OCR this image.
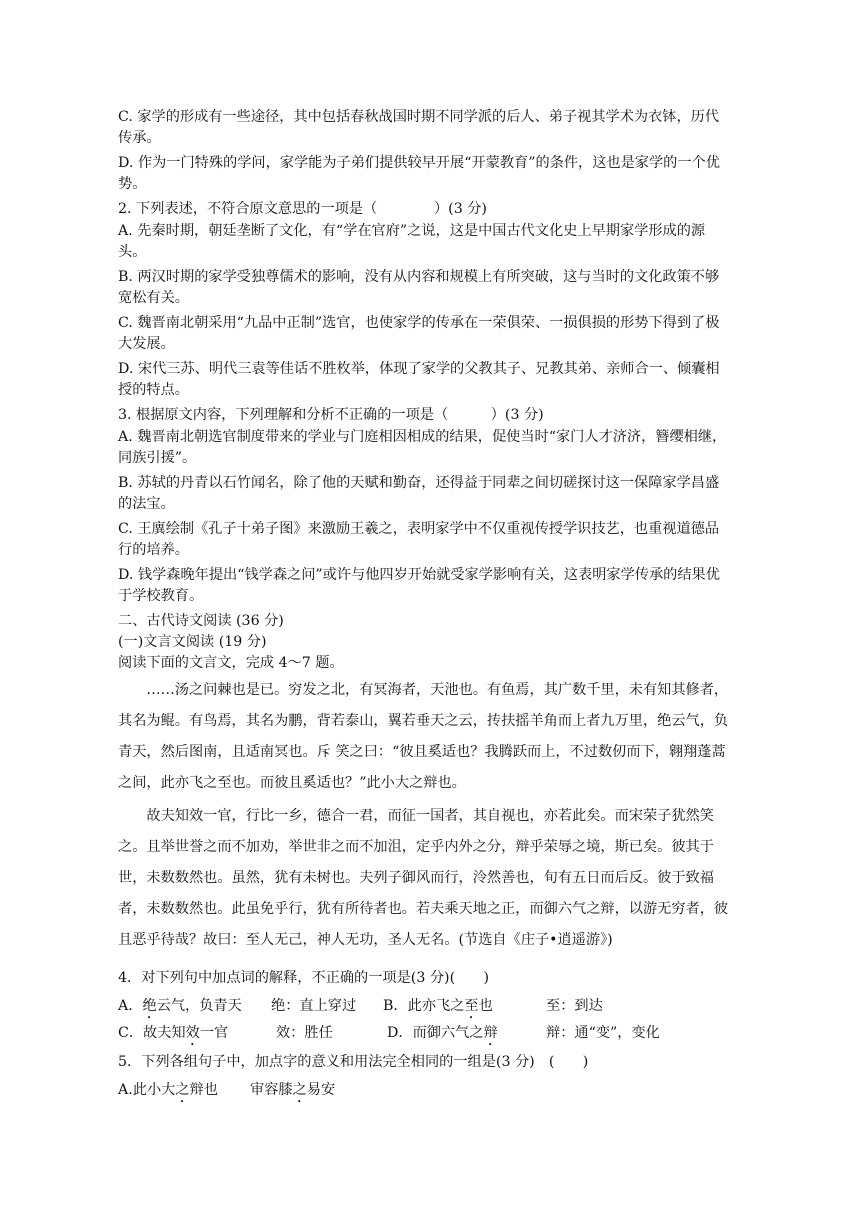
C. 家学的形成有一些途径，其中包括春秋战国时期不同学派的后人、弟子视其学术为衣钵，历代传承。
D. 作为一门特殊的学问，家学能为子弟们提供较早开展“开蒙教育”的条件，这也是家学的一个优势。
2. 下列表述，不符合原文意思的一项是（　　　　）(3 分)
A. 先秦时期，朝廷垄断了文化，有“学在官府”之说，这是中国古代文化史上早期家学形成的源头。
B. 两汉时期的家学受独尊儒术的影响，没有从内容和规模上有所突破，这与当时的文化政策不够宽松有关。
C. 魏晋南北朝采用“九品中正制”选官，也使家学的传承在一荣俱荣、一损俱损的形势下得到了极大发展。
D. 宋代三苏、明代三袁等佳话不胜枚举，体现了家学的父教其子、兄教其弟、亲师合一、倾囊相授的特点。
3. 根据原文内容，下列理解和分析不正确的一项是（　　　）(3 分)
A. 魏晋南北朝选官制度带来的学业与门庭相因相成的结果，促使当时“家门人才济济，簪缨相继，同族引援”。
B. 苏轼的丹青以石竹闻名，除了他的天赋和勤奋，还得益于同辈之间切磋探讨这一保障家学昌盛的法宝。
C. 王廙绘制《孔子十弟子图》来激励王羲之，表明家学中不仅重视传授学识技艺，也重视道德品行的培养。
D. 钱学森晚年提出“钱学森之问”或许与他四岁开始就受家学影响有关，这表明家学传承的结果优于学校教育。
二、古代诗文阅读 (36 分)
(一)文言文阅读 (19 分)
阅读下面的文言文，完成 4～7 题。
……汤之问棘也是已。穷发之北，有冥海者，天池也。有鱼焉，其广数千里，未有知其修者，其名为鲲。有鸟焉，其名为鹏，背若泰山，翼若垂天之云，抟扶摇羊角而上者九万里，绝云气，负青天，然后图南，且适南冥也。斥 笑之曰：“彼且奚适也？我腾跃而上，不过数仞而下，翱翔蓬蒿之间，此亦飞之至也。而彼且奚适也？”此小大之辩也。
故夫知效一官，行比一乡，德合一君，而征一国者，其自视也，亦若此矣。而宋荣子犹然笑之。且举世誉之而不加劝，举世非之而不加沮，定乎内外之分，辩乎荣辱之境，斯已矣。彼其于世，未数数然也。虽然，犹有未树也。夫列子御风而行，泠然善也，旬有五日而后反。彼于致福者，未数数然也。此虽免乎行，犹有所待者也。若夫乘天地之正，而御六气之辩，以游无穷者，彼且恶乎待哉？故曰：至人无己，神人无功，圣人无名。(节选自《庄子•逍遥游》)
4．对下列句中加点词的解释，不正确的一项是(3 分)(　　)
A．绝云气，负青天 绝：直上穿过 B．此亦飞之至也	至：到达
C．故夫知效一官	效：胜任	D．而御六气之辩	辩：通“变”，变化
5．下列各组句子中，加点字的意义和用法完全相同的一组是(3 分)　(　　)
A.此小大之辩也 审容膝之易安
